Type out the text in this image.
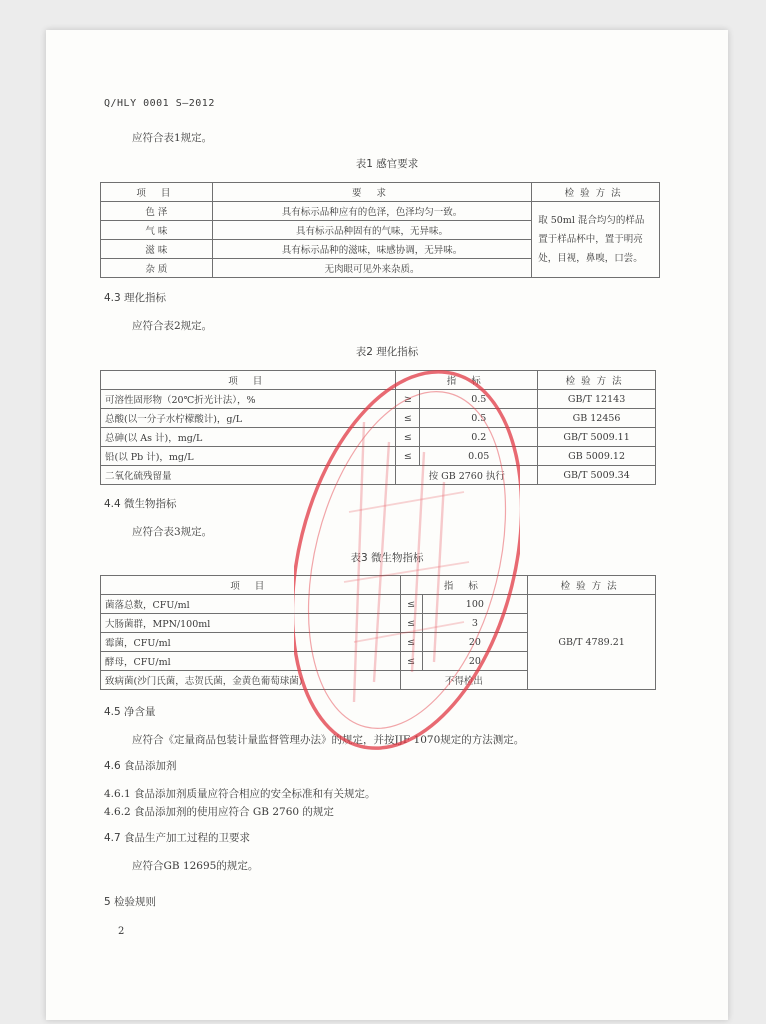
Q/HLY 0001 S—2012
应符合表1规定。
表1 感官要求
项 目	要 求	检验方法
色 泽	具有标示品种应有的色泽，色泽均匀一致。	取 50ml 混合均匀的样品置于样品杯中，置于明亮处，目视，鼻嗅，口尝。
气 味	具有标示品种固有的气味，无异味。	
滋 味	具有标示品种的滋味，味感协调，无异味。	
杂 质	无肉眼可见外来杂质。	
4.3 理化指标
应符合表2规定。
表2 理化指标
项 目	指 标		检验方法
可溶性固形物（20℃折光计法），%	≥	0.5	GB/T 12143
总酸(以一分子水柠檬酸计)，g/L	≤	0.5	GB 12456
总砷(以 As 计)，mg/L	≤	0.2	GB/T 5009.11
铅(以 Pb 计)，mg/L	≤	0.05	GB 5009.12
二氧化硫残留量	按 GB 2760 执行		GB/T 5009.34
4.4 微生物指标
应符合表3规定。
表3 微生物指标
项 目	指 标		检验方法
菌落总数，CFU/ml	≤	100	GB/T 4789.21
大肠菌群，MPN/100ml	≤	3	
霉菌，CFU/ml	≤	20	
酵母，CFU/ml	≤	20	
致病菌(沙门氏菌，志贺氏菌，金黄色葡萄球菌)	不得检出		
4.5 净含量
应符合《定量商品包装计量监督管理办法》的规定，并按JJF 1070规定的方法测定。
4.6 食品添加剂
4.6.1 食品添加剂质量应符合相应的安全标准和有关规定。
4.6.2 食品添加剂的使用应符合 GB 2760 的规定
4.7 食品生产加工过程的卫要求
应符合GB 12695的规定。
5 检验规则
2
